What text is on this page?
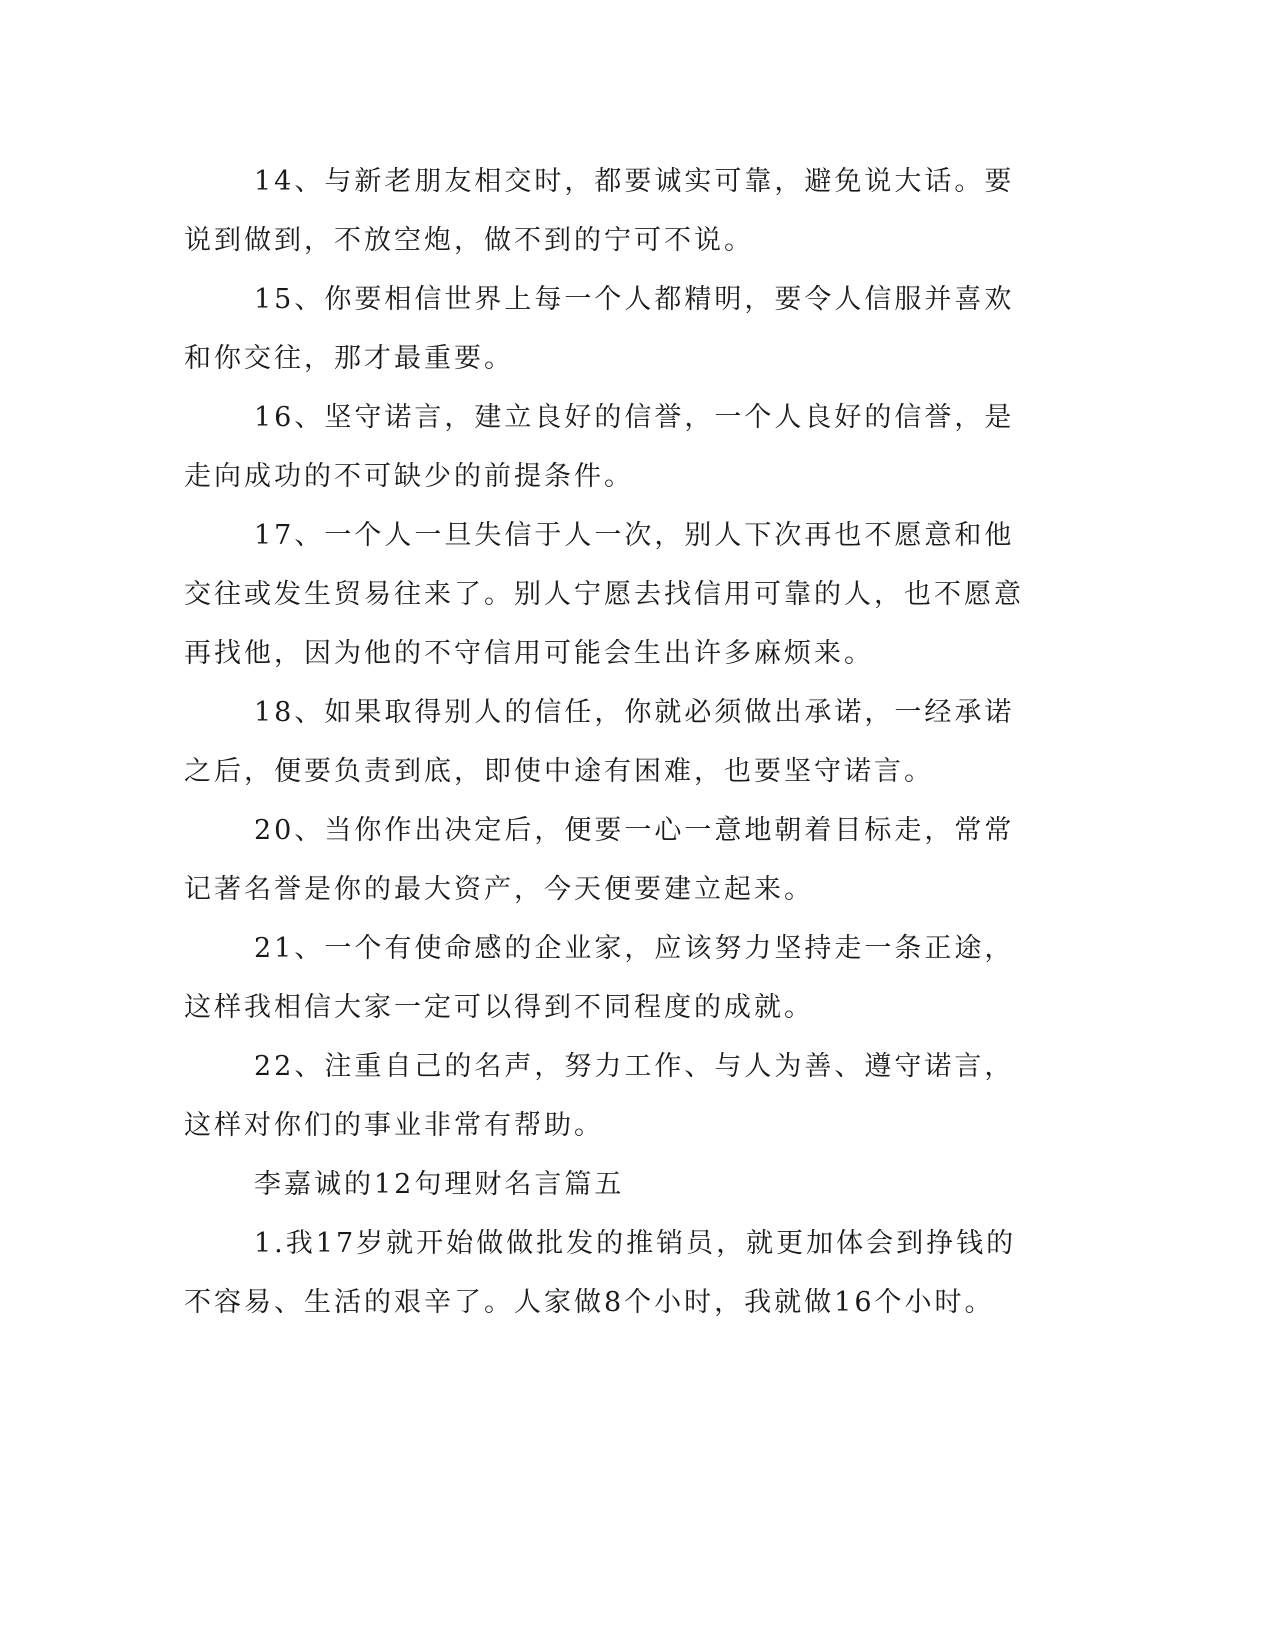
14、与新老朋友相交时，都要诚实可靠，避免说大话。要说到做到，不放空炮，做不到的宁可不说。

15、你要相信世界上每一个人都精明，要令人信服并喜欢和你交往，那才最重要。

16、坚守诺言，建立良好的信誉，一个人良好的信誉，是走向成功的不可缺少的前提条件。

17、一个人一旦失信于人一次，别人下次再也不愿意和他交往或发生贸易往来了。别人宁愿去找信用可靠的人，也不愿意再找他，因为他的不守信用可能会生出许多麻烦来。

18、如果取得别人的信任，你就必须做出承诺，一经承诺之后，便要负责到底，即使中途有困难，也要坚守诺言。

20、当你作出决定后，便要一心一意地朝着目标走，常常记著名誉是你的最大资产，今天便要建立起来。

21、一个有使命感的企业家，应该努力坚持走一条正途，这样我相信大家一定可以得到不同程度的成就。

22、注重自己的名声，努力工作、与人为善、遵守诺言，这样对你们的事业非常有帮助。

李嘉诚的12句理财名言篇五

1.我17岁就开始做做批发的推销员，就更加体会到挣钱的不容易、生活的艰辛了。人家做8个小时，我就做16个小时。
